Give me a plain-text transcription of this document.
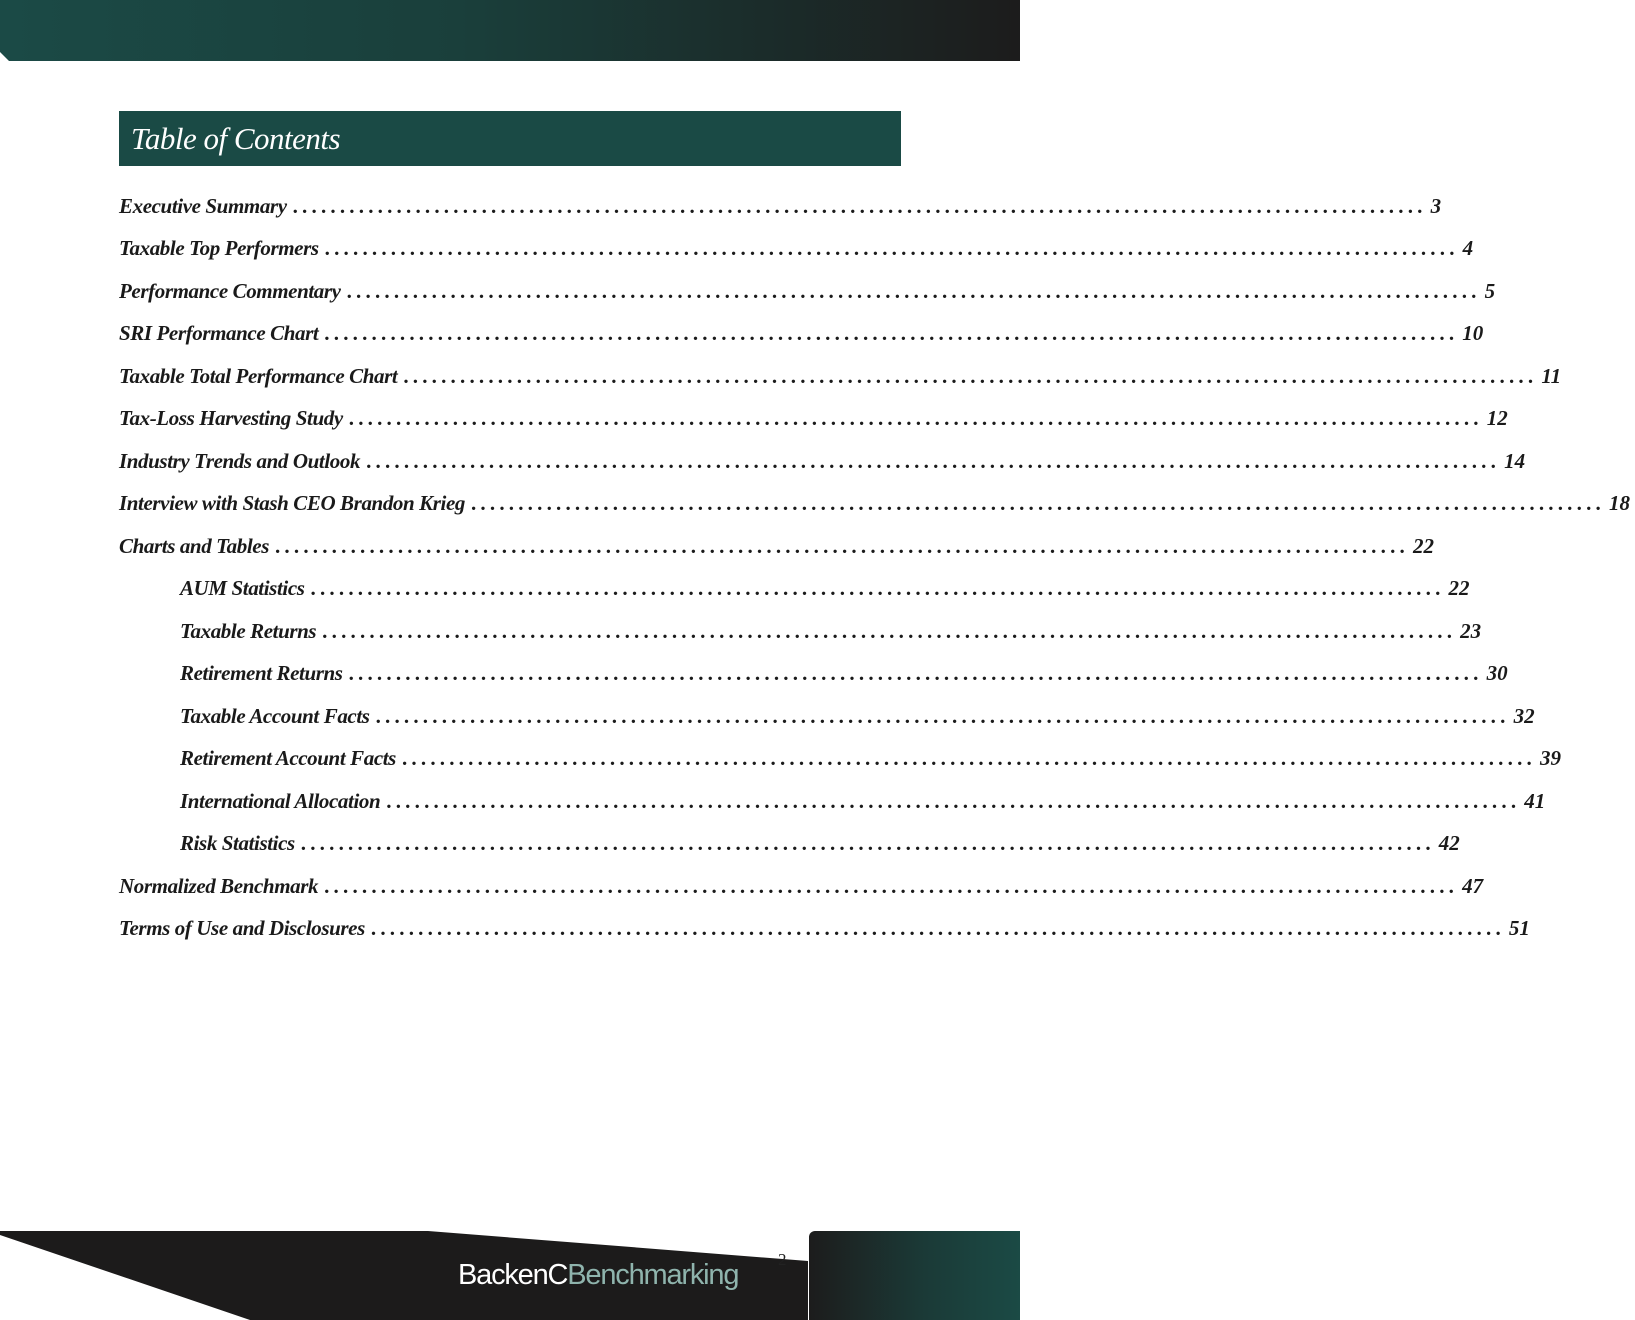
Table of Contents
Executive Summary ........................................................................................................................ 3
Taxable Top Performers ........................................................................................................................ 4
Performance Commentary ........................................................................................................................ 5
SRI Performance Chart ........................................................................................................................ 10
Taxable Total Performance Chart ........................................................................................................................ 11
Tax-Loss Harvesting Study ........................................................................................................................ 12
Industry Trends and Outlook ........................................................................................................................ 14
Interview with Stash CEO Brandon Krieg ........................................................................................................................ 18
Charts and Tables ........................................................................................................................ 22
AUM Statistics ........................................................................................................................ 22
Taxable Returns ........................................................................................................................ 23
Retirement Returns ........................................................................................................................ 30
Taxable Account Facts ........................................................................................................................ 32
Retirement Account Facts ........................................................................................................................ 39
International Allocation ........................................................................................................................ 41
Risk Statistics ........................................................................................................................ 42
Normalized Benchmark ........................................................................................................................ 47
Terms of Use and Disclosures ........................................................................................................................ 51
BackenC Benchmarking 2
